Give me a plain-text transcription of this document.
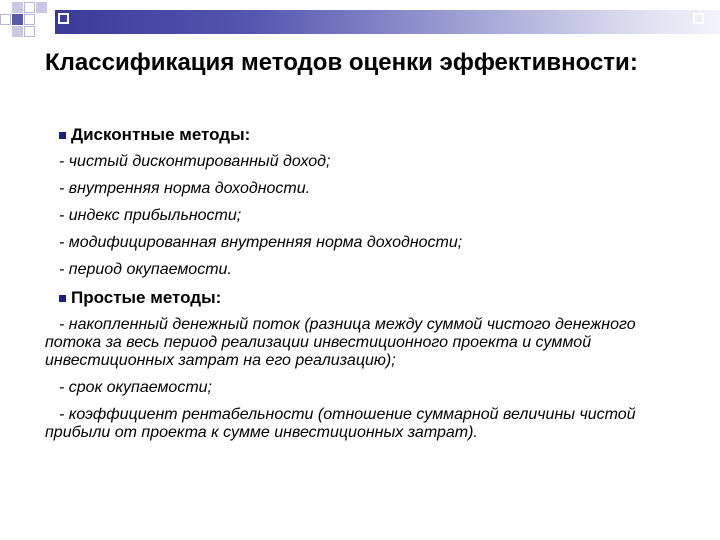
Классификация методов оценки эффективности:
Дисконтные методы:
- чистый дисконтированный доход;
- внутренняя норма доходности.
- индекс прибыльности;
- модифицированная внутренняя норма доходности;
- период окупаемости.
Простые методы:
- накопленный денежный поток (разница между суммой чистого денежного потока за весь период реализации инвестиционного проекта и суммой инвестиционных затрат на его реализацию);
- срок окупаемости;
- коэффициент рентабельности (отношение суммарной величины чистой прибыли от проекта к сумме инвестиционных затрат).
